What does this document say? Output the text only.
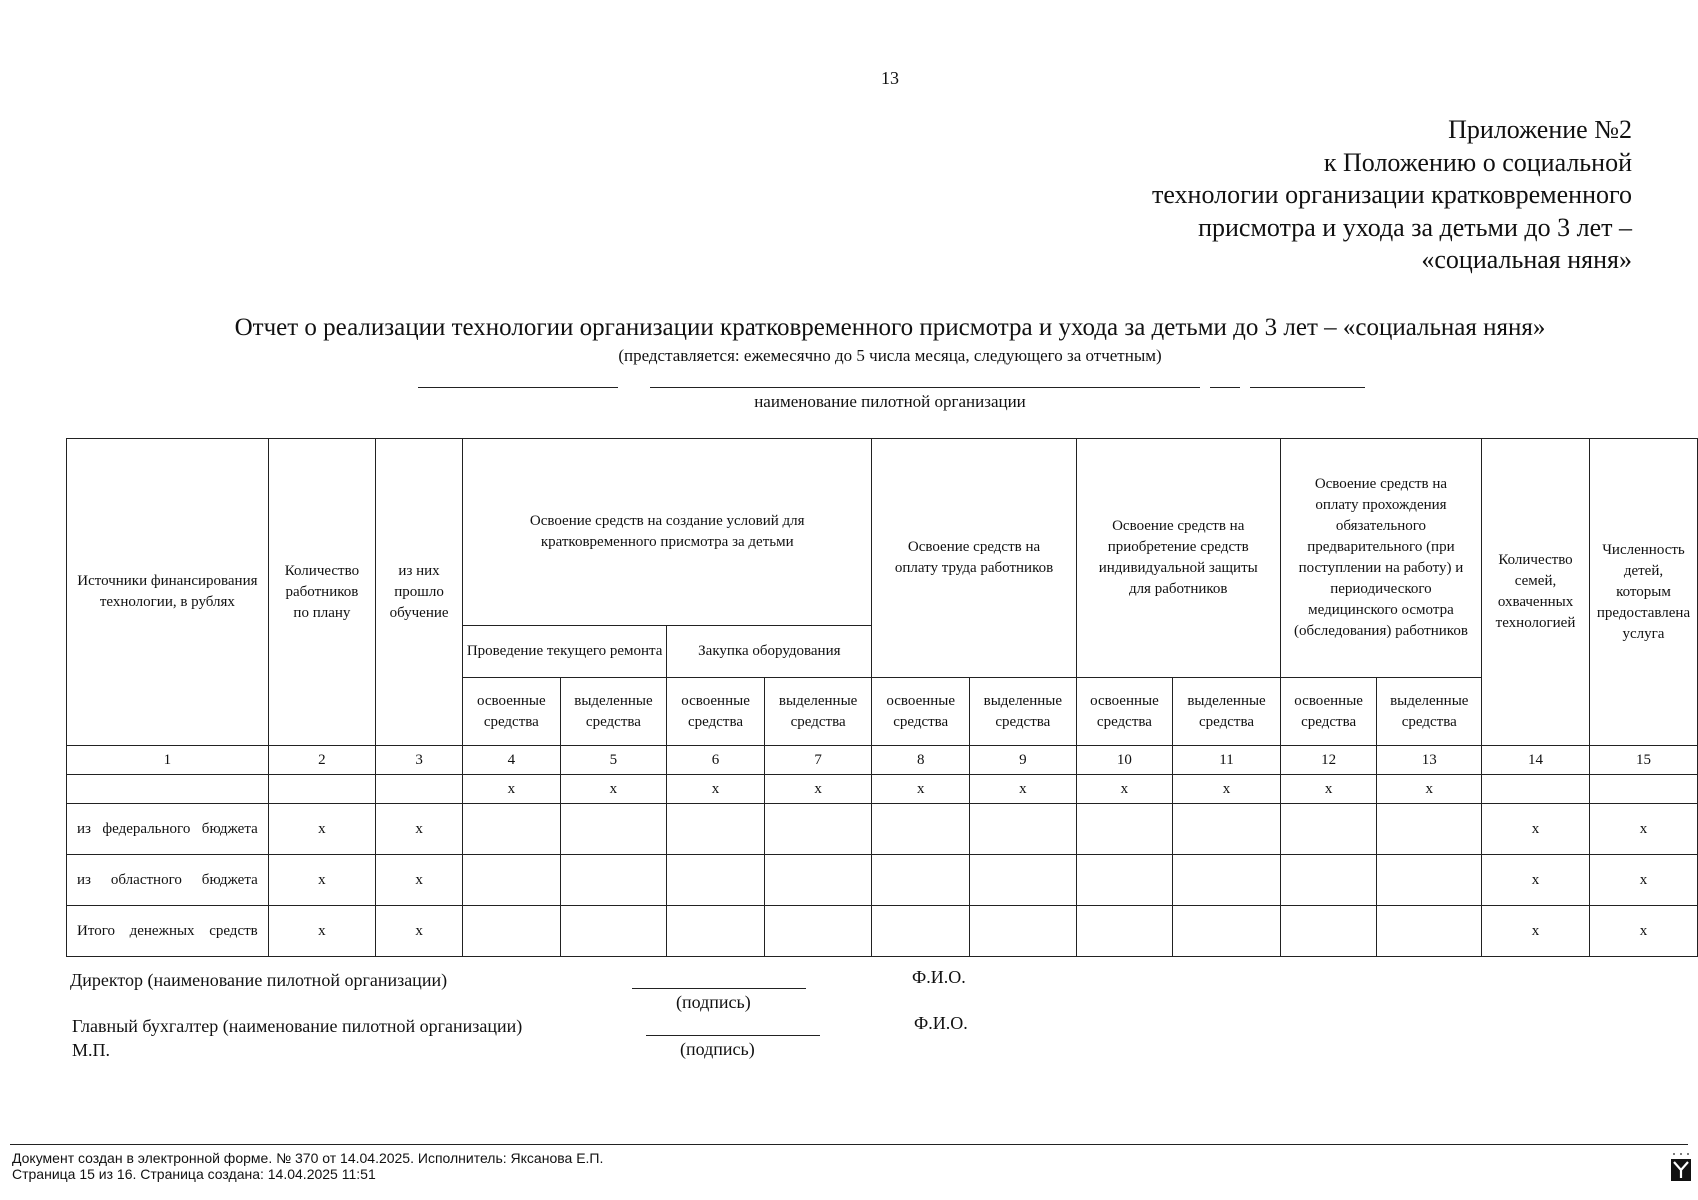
13
Приложение №2
к Положению о социальной
технологии организации кратковременного
присмотра и ухода за детьми до 3 лет –
«социальная няня»
Отчет о реализации технологии организации кратковременного присмотра и ухода за детьми до 3 лет – «социальная няня»
(представляется: ежемесячно до 5 числа месяца, следующего за отчетным)
наименование пилотной организации
Источники финансирования технологии, в рублях	Количество работников по плану	из них прошло обучение	Освоение средств на создание условий для кратковременного присмотра за детьми				Освоение средств на оплату труда работников		Освоение средств на приобретение средств индивидуальной защиты для работников		Освоение средств на оплату прохождения обязательного предварительного (при поступлении на работу) и периодического медицинского осмотра (обследования) работников		Количество семей, охваченных технологией	Численность детей, которым предоставлена услуга
			Проведение текущего ремонта		Закупка оборудования									
			освоенные средства	выделенные средства	освоенные средства	выделенные средства	освоенные средства	выделенные средства	освоенные средства	выделенные средства	освоенные средства	выделенные средства		
1	2	3	4	5	6	7	8	9	10	11	12	13	14	15
			х	х	х	х	х	х	х	х	х	х		
из федерального бюджета	х	х											х	х
из областного бюджета	х	х											х	х
Итого денежных средств	х	х											х	х
Директор (наименование пилотной организации)
(подпись)
Ф.И.О.
Главный бухгалтер (наименование пилотной организации)
(подпись)
Ф.И.О.
М.П.
Документ создан в электронной форме. № 370 от 14.04.2025. Исполнитель: Яксанова Е.П.
Страница 15 из 16. Страница создана: 14.04.2025 11:51
